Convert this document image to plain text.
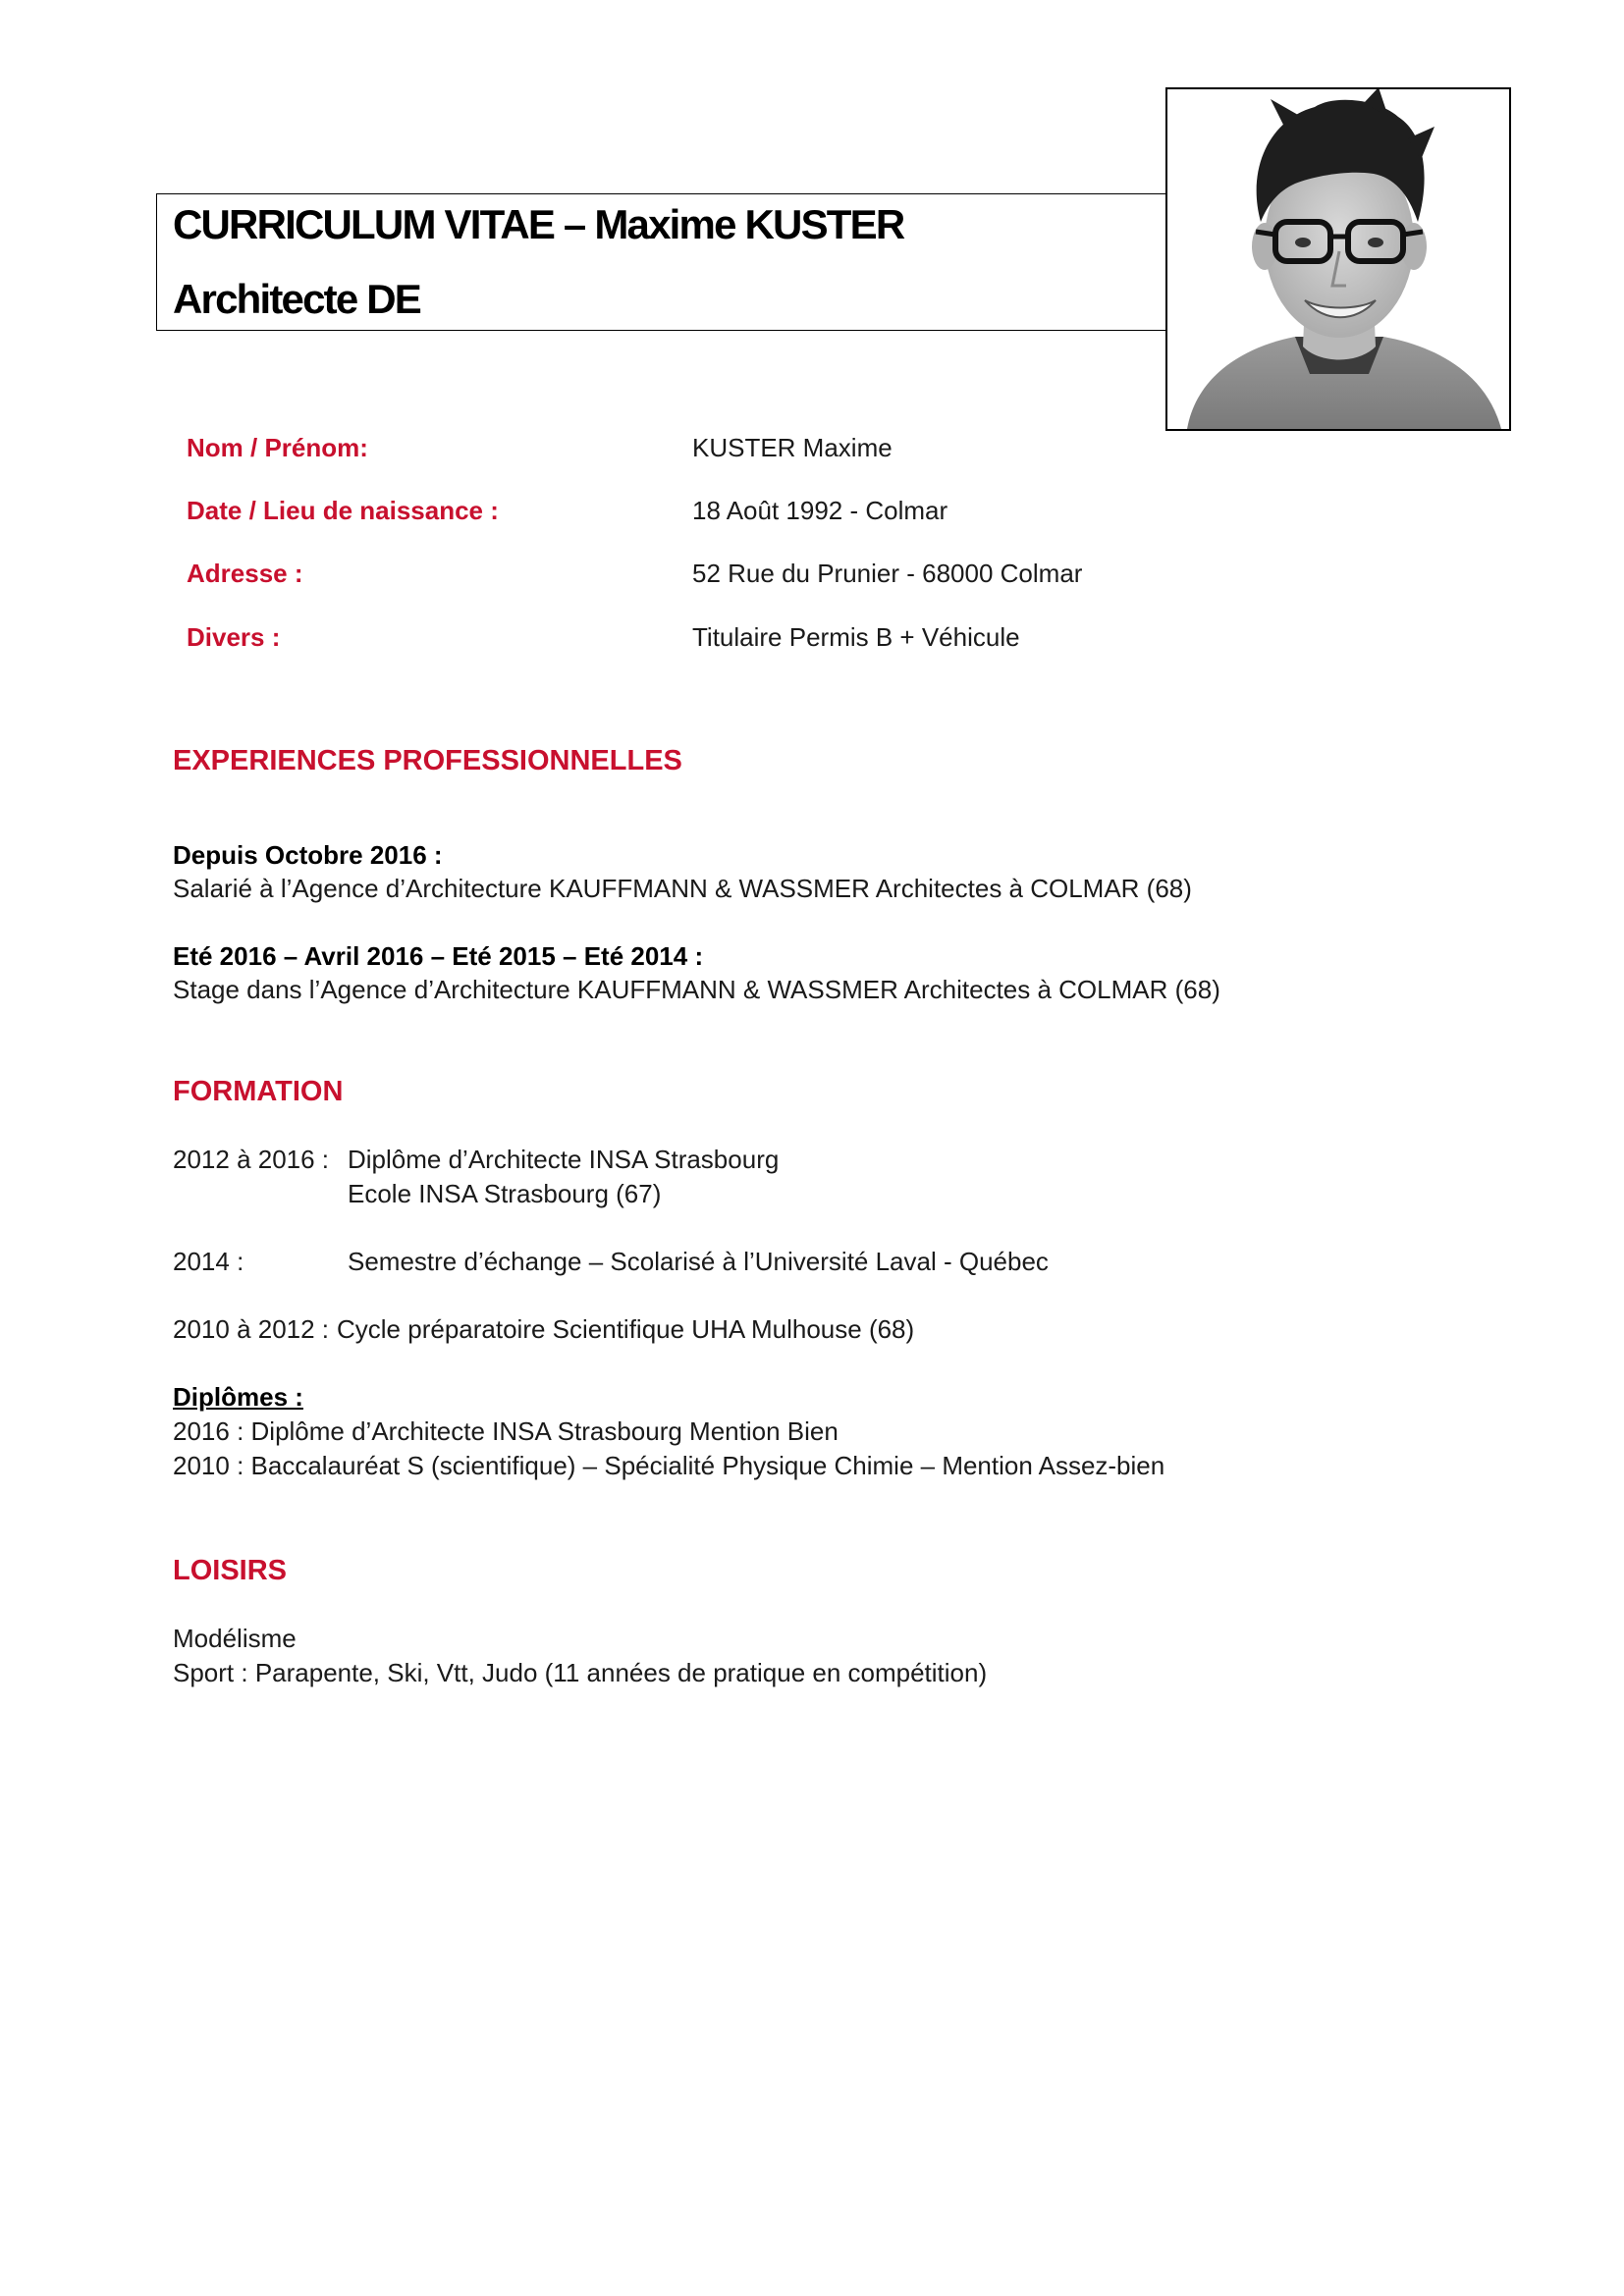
CURRICULUM VITAE – Maxime KUSTER
Architecte DE
Nom / Prénom:	KUSTER Maxime
Date / Lieu de naissance :	18 Août 1992 - Colmar
Adresse :	52 Rue du Prunier - 68000 Colmar
Divers :	Titulaire Permis B + Véhicule
EXPERIENCES PROFESSIONNELLES
Depuis Octobre 2016 :
Salarié à l’Agence d’Architecture KAUFFMANN & WASSMER Architectes à COLMAR (68)
Eté 2016 – Avril 2016 – Eté 2015 – Eté 2014 :
Stage dans l’Agence d’Architecture KAUFFMANN & WASSMER Architectes à COLMAR (68)
FORMATION
2012 à 2016 : Diplôme d’Architecte INSA Strasbourg
Ecole INSA Strasbourg (67)
2014 :	Semestre d’échange – Scolarisé à l’Université Laval - Québec
2010 à 2012 : Cycle préparatoire Scientifique UHA Mulhouse (68)
Diplômes :
2016 : Diplôme d’Architecte INSA Strasbourg Mention Bien
2010 : Baccalauréat S (scientifique) – Spécialité Physique Chimie – Mention Assez-bien
LOISIRS
Modélisme
Sport : Parapente, Ski, Vtt, Judo (11 années de pratique en compétition)
